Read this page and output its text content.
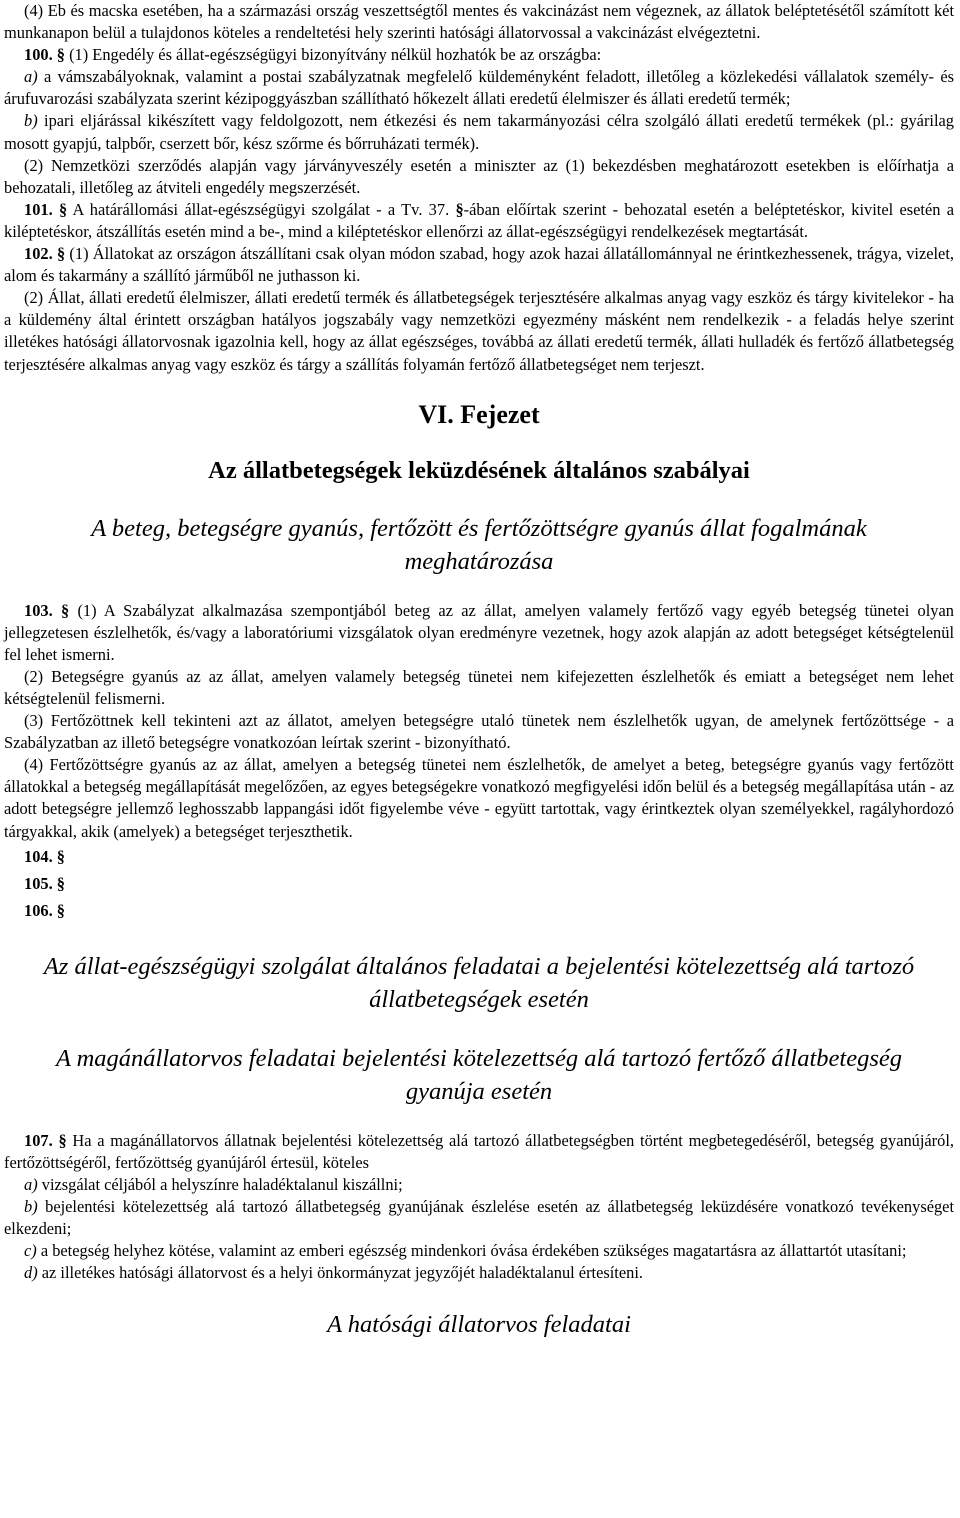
(4) Eb és macska esetében, ha a származási ország veszettségtől mentes és vakcinázást nem végeznek, az állatok beléptetésétől számított két munkanapon belül a tulajdonos köteles a rendeltetési hely szerinti hatósági állatorvossal a vakcinázást elvégeztetni.

100. § (1) Engedély és állat-egészségügyi bizonyítvány nélkül hozhatók be az országba:

a) a vámszabályoknak, valamint a postai szabályzatnak megfelelő küldeményként feladott, illetőleg a közlekedési vállalatok személy- és árufuvarozási szabályzata szerint kézipoggyászban szállítható hőkezelt állati eredetű élelmiszer és állati eredetű termék;

b) ipari eljárással kikészített vagy feldolgozott, nem étkezési és nem takarmányozási célra szolgáló állati eredetű termékek (pl.: gyárilag mosott gyapjú, talpbőr, cserzett bőr, kész szőrme és bőrruházati termék).

(2) Nemzetközi szerződés alapján vagy járványveszély esetén a miniszter az (1) bekezdésben meghatározott esetekben is előírhatja a behozatali, illetőleg az átviteli engedély megszerzését.

101. § A határállomási állat-egészségügyi szolgálat - a Tv. 37. §-ában előírtak szerint - behozatal esetén a beléptetéskor, kivitel esetén a kiléptetéskor, átszállítás esetén mind a be-, mind a kiléptetéskor ellenőrzi az állat-egészségügyi rendelkezések megtartását.

102. § (1) Állatokat az országon átszállítani csak olyan módon szabad, hogy azok hazai állatállománnyal ne érintkezhessenek, trágya, vizelet, alom és takarmány a szállító járműből ne juthasson ki.

(2) Állat, állati eredetű élelmiszer, állati eredetű termék és állatbetegségek terjesztésére alkalmas anyag vagy eszköz és tárgy kivitelekor - ha a küldemény által érintett országban hatályos jogszabály vagy nemzetközi egyezmény másként nem rendelkezik - a feladás helye szerint illetékes hatósági állatorvosnak igazolnia kell, hogy az állat egészséges, továbbá az állati eredetű termék, állati hulladék és fertőző állatbetegség terjesztésére alkalmas anyag vagy eszköz és tárgy a szállítás folyamán fertőző állatbetegséget nem terjeszt.

VI. Fejezet
Az állatbetegségek leküzdésének általános szabályai
A beteg, betegségre gyanús, fertőzött és fertőzöttségre gyanús állat fogalmának meghatározása

103. § (1) A Szabályzat alkalmazása szempontjából beteg az az állat, amelyen valamely fertőző vagy egyéb betegség tünetei olyan jellegzetesen észlelhetők, és/vagy a laboratóriumi vizsgálatok olyan eredményre vezetnek, hogy azok alapján az adott betegséget kétségtelenül fel lehet ismerni.

(2) Betegségre gyanús az az állat, amelyen valamely betegség tünetei nem kifejezetten észlelhetők és emiatt a betegséget nem lehet kétségtelenül felismerni.

(3) Fertőzöttnek kell tekinteni azt az állatot, amelyen betegségre utaló tünetek nem észlelhetők ugyan, de amelynek fertőzöttsége - a Szabályzatban az illető betegségre vonatkozóan leírtak szerint - bizonyítható.

(4) Fertőzöttségre gyanús az az állat, amelyen a betegség tünetei nem észlelhetők, de amelyet a beteg, betegségre gyanús vagy fertőzött állatokkal a betegség megállapítását megelőzően, az egyes betegségekre vonatkozó megfigyelési időn belül és a betegség megállapítása után - az adott betegségre jellemző leghosszabb lappangási időt figyelembe véve - együtt tartottak, vagy érintkeztek olyan személyekkel, ragályhordozó tárgyakkal, akik (amelyek) a betegséget terjeszthetik.

104. §

105. §

106. §

Az állat-egészségügyi szolgálat általános feladatai a bejelentési kötelezettség alá tartozó állatbetegségek esetén
A magánállatorvos feladatai bejelentési kötelezettség alá tartozó fertőző állatbetegség gyanúja esetén

107. § Ha a magánállatorvos állatnak bejelentési kötelezettség alá tartozó állatbetegségben történt megbetegedéséről, betegség gyanújáról, fertőzöttségéről, fertőzöttség gyanújáról értesül, köteles

a) vizsgálat céljából a helyszínre haladéktalanul kiszállni;

b) bejelentési kötelezettség alá tartozó állatbetegség gyanújának észlelése esetén az állatbetegség leküzdésére vonatkozó tevékenységet elkezdeni;

c) a betegség helyhez kötése, valamint az emberi egészség mindenkori óvása érdekében szükséges magatartásra az állattartót utasítani;

d) az illetékes hatósági állatorvost és a helyi önkormányzat jegyzőjét haladéktalanul értesíteni.

A hatósági állatorvos feladatai
